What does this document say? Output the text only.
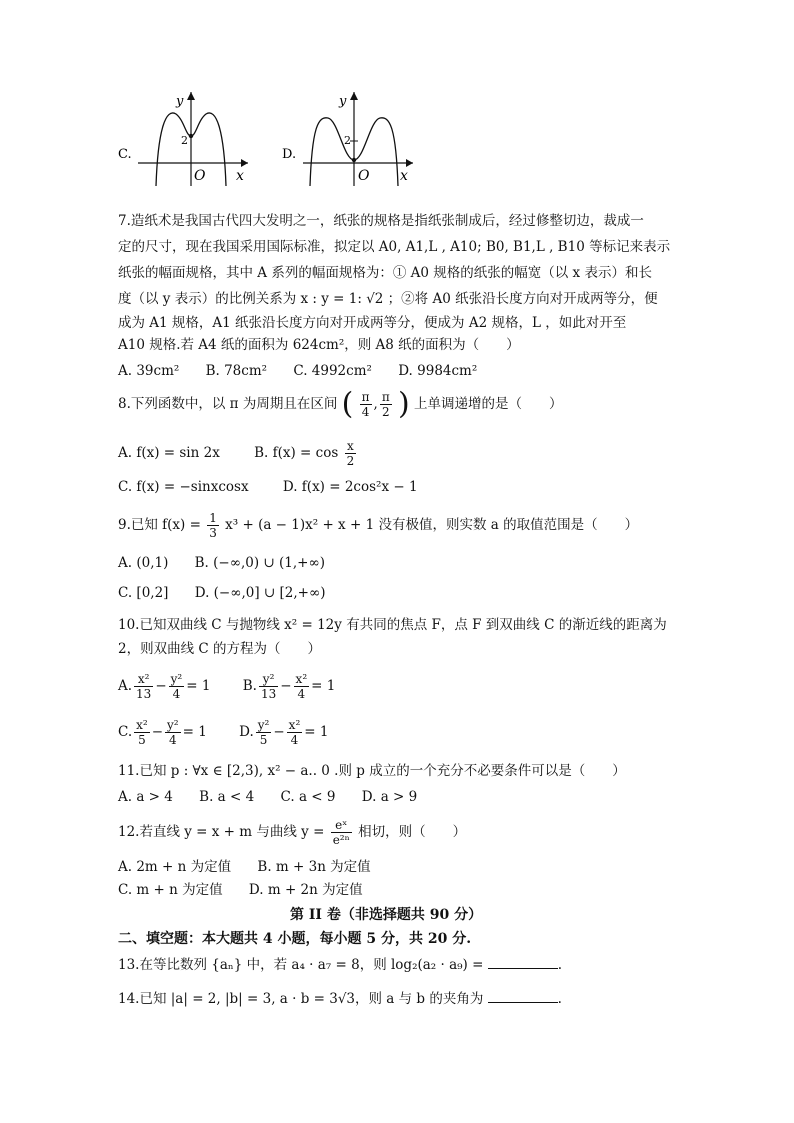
C.
y
x
O
2
D.
y
x
O
2
7.造纸术是我国古代四大发明之一，纸张的规格是指纸张制成后，经过修整切边，裁成一
定的尺寸，现在我国采用国际标准，拟定以 A0, A1,L , A10; B0, B1,L , B10 等标记来表示
纸张的幅面规格，其中 A 系列的幅面规格为：① A0 规格的纸张的幅宽（以 x 表示）和长
度（以 y 表示）的比例关系为 x : y = 1: √2 ；②将 A0 纸张沿长度方向对开成两等分，便
成为 A1 规格，A1 纸张沿长度方向对开成两等分，便成为 A2 规格，L ，如此对开至
A10 规格.若 A4 纸的面积为 624cm²，则 A8 纸的面积为（　　）
A. 39cm² B. 78cm² C. 4992cm² D. 9984cm²
8.下列函数中，以 π 为周期且在区间 ( $\frac{\pi}{4}$ , $\frac{\pi}{2}$ ) 上单调递增的是（　　）
A. f(x) = sin 2x	B. $f(x) = \cos \frac{x}{2}$
C. f(x) = −sinxcosx	D. f(x) = 2cos²x − 1
9.已知 $f(x) = \frac{1}{3} x^3 + (a - 1)x^2 + x + 1$ 没有极值，则实数 a 的取值范围是（　　）
A. (0,1) B. (−∞,0) ∪ (1,+∞)
C. [0,2] D. (−∞,0] ∪ [2,+∞)
10.已知双曲线 C 与抛物线 x² = 12y 有共同的焦点 F，点 F 到双曲线 C 的渐近线的距离为
2，则双曲线 C 的方程为（　　）
A. $\frac{\text{x²}}{13} - \frac{\text{y²}}{4} = 1$ B. $\frac{\text{y²}}{13} - \frac{\text{x²}}{4} = 1$
C. $\frac{\text{x²}}{5} - \frac{\text{y²}}{4} = 1$ D. $\frac{\text{y²}}{5} - \frac{\text{x²}}{4} = 1$
11.已知 p : ∀x ∈ [2,3), x² − a.. 0 .则 p 成立的一个充分不必要条件可以是（　　）
A. a > 4 B. a < 4 C. a < 9 D. a > 9
12.若直线 y = x + m 与曲线 $y = \frac{\text{eˣ}}{\text{e²ⁿ}}$ 相切，则（　　）
A. 2m + n 为定值 B. m + 3n 为定值
C. m + n 为定值 D. m + 2n 为定值
第 II 卷（非选择题共 90 分）
二、填空题：本大题共 4 小题，每小题 5 分，共 20 分.
13.在等比数列 {aₙ} 中，若 a₄ · a₇ = 8，则 log₂(a₂ · a₉) =	.
14.已知 |a| = 2, |b| = 3, a · b = 3√3，则 a 与 b 的夹角为	.
